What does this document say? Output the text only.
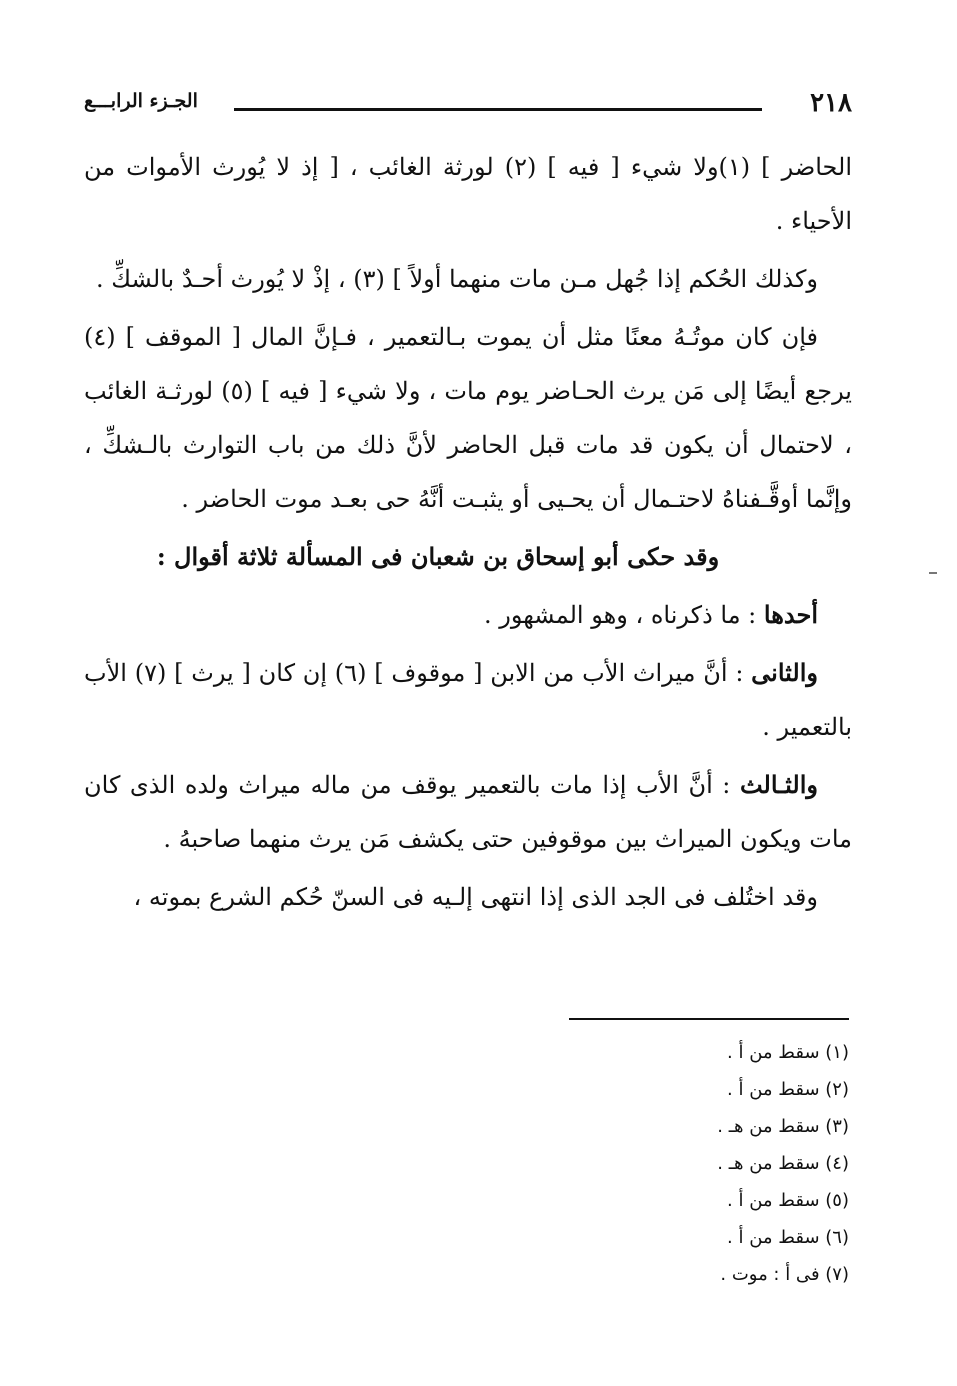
٢١٨
الجـزء الرابـــع

الحاضر ] (١)ولا شيء [ فيه ] (٢) لورثة الغائب ، [ إذ لا يُورث الأموات من الأحياء .

وكذلك الحُكم إذا جُهل مـن مات منهما أولاً ] (٣) ، إذْ لا يُورث أحـدٌ بالشكِّ .

فإن كان موتُـهُ معنًا مثل أن يموت بـالتعمير ، فـإنَّ المال [ الموقف ] (٤) يرجع أيضًا إلى مَن يرث الحـاضر يوم مات ، ولا شيء [ فيه ] (٥) لورثـة الغائب ، لاحتمال أن يكون قد مات قبل الحاضر لأنَّ ذلك من باب التوارث بالـشكِّ ، وإنَّما أوقَّـفناهُ لاحتـمال أن يحـيى أو يثبـت أنَّهُ حى بعـد موت الحاضر .

وقد حكى أبو إسحاق بن شعبان فى المسألة ثلاثة أقوال :

أحدها : ما ذكرناه ، وهو المشهور .

والثانى : أنَّ ميراث الأب من الابن [ موقوف ] (٦) إن كان [ يرث ] (٧) الأب بالتعمير .

والثـالث : أنَّ الأب إذا مات بالتعمير يوقف من ماله ميراث ولده الذى كان مات ويكون الميراث بين موقوفين حتى يكشف مَن يرث منهما صاحبهُ .

وقد اختُلف فى الجد الذى إذا انتهى إلـيه فى السنّ حُكم الشرع بموته ،

(١) سقط من أ .
(٢) سقط من أ .
(٣) سقط من هـ .
(٤) سقط من هـ .
(٥) سقط من أ .
(٦) سقط من أ .
(٧) فى أ : موت .
